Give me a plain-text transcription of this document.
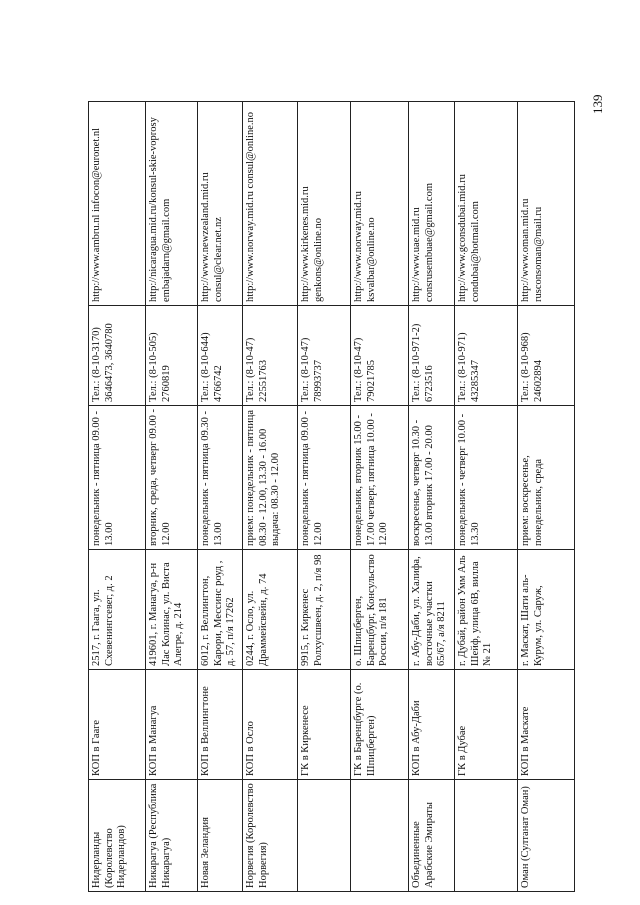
139
Нидерланды (Королевство Нидерландов)	КОП в Гааге	2517, г. Гаага, ул. Схевенингсевег, д. 2	понедельник - пятница 09.00 - 13.00	Тел.: (8-10-3170) 3646473, 3640780	http://www.ambru.nl infocon@euronet.nl
Никарагуа (Республика Никарагуа)	КОП в Манагуа	419601, г. Манагуа, р-н Лас Колинас, ул. Виста Алегре, д. 214	вторник, среда, четверг 09.00 - 12.00	Тел.: (8-10-505) 2760819	http://nicaragua.mid.ru/konsul-skie-voprosy embajadarn@gmail.com
Новая Зеландия	КОП в Веллингтоне	6012, г. Веллингтон, Карори, Мессинс роуд , д. 57, п/я 17262	понедельник - пятница 09.30 - 13.00	Тел.: (8-10-644) 4766742	http://www.newzealand.mid.ru consul@clear.net.nz
Норвегия (Королевство Норвегия)	КОП в Осло	0244, г. Осло, ул. Драммейсвейн, д. 74	прием: понедельник - пятница 08.30 - 12.00, 13.30 - 16.00 выдача: 08.30 - 12.00	Тел.: (8-10-47) 22551763	http://www.norway.mid.ru consul@online.no
	ГК в Киркенесе	9915, г. Киркенес Ролхусшвеен, д. 2, п/я 98	понедельник - пятница 09.00 - 12.00	Тел.: (8-10-47) 78993737	http://www.kirkenes.mid.ru genkons@online.no
	ГК в Баренцбурге (о. Шпицберген)	о. Шпицберген, Баренцбург, Консульство России, п/я 181	понедельник, вторник 15.00 - 17.00 четверг, пятница 10.00 - 12.00	Тел.: (8-10-47) 79021785	http://www.norway.mid.ru ksvalbar@online.no
Объединенные Арабские Эмираты	КОП в Абу-Даби	г. Абу-Даби, ул. Халифа, восточные участки 65/67, а/я 8211	воскресенье, четверг 10.30 - 13.00 вторник 17.00 - 20.00	Тел.: (8-10-971-2) 6723516	http://www.uae.mid.ru consrusembuae@gmail.com
	ГК в Дубае	г. Дубай, район Умм Аль Шейф, улица 6В, вилла № 21	понедельник - четверг 10.00 - 13.30	Тел.: (8-10-971) 43285347	http://www.gconsdubai.mid.ru condubai@hotmail.com
Оман (Султанат Оман)	КОП в Маскате	г. Маскат, Шати аль-Курум, ул. Саруж,	прием: воскресенье, понедельник, среда	Тел.: (8-10-968) 24602894	http://www.oman.mid.ru rusconsoman@mail.ru
